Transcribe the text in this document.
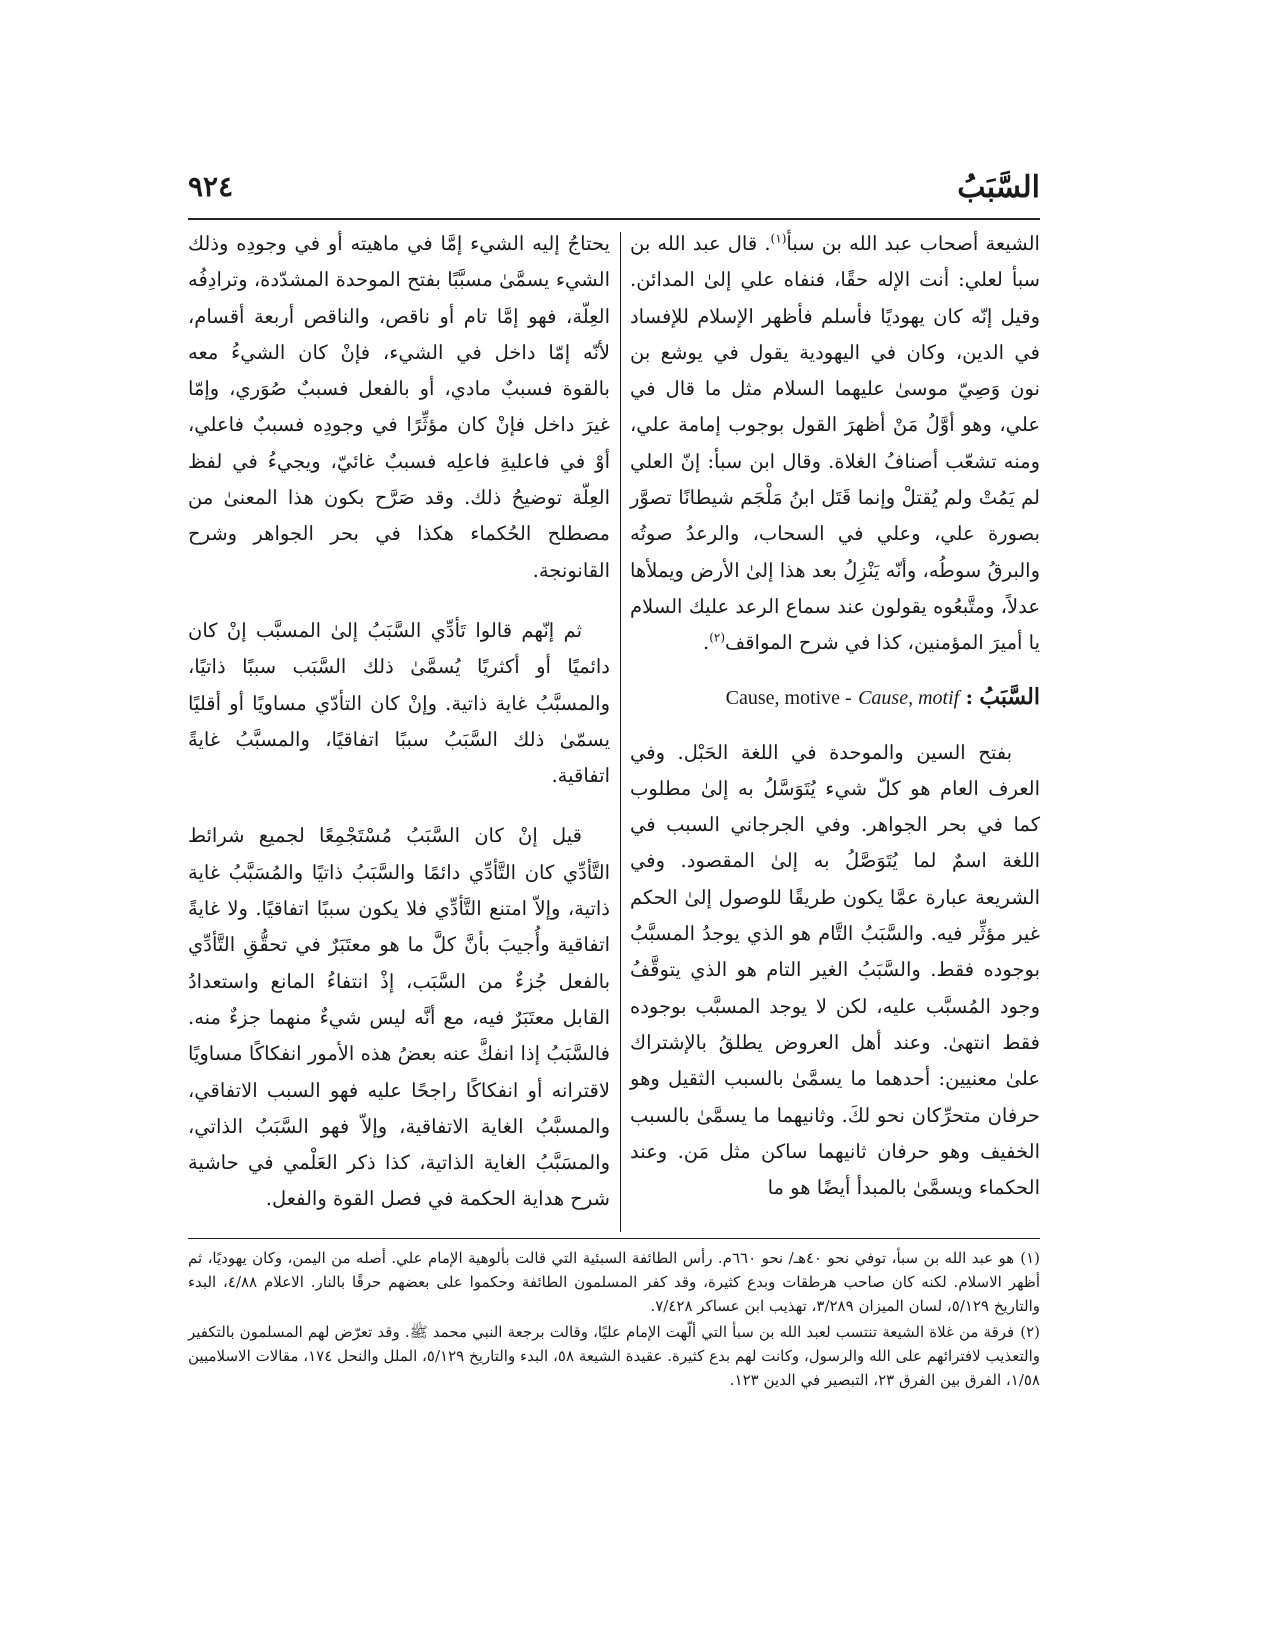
السَّبَبُ
٩٢٤

الشيعة أصحاب عبد الله بن سبأ$^{(١)}$. قال عبد الله بن سبأ لعلي: أنت الإله حقًا، فنفاه علي إلىٰ المدائن. وقيل إنّه كان يهوديًا فأسلم فأظهر الإسلام للإفساد في الدين، وكان في اليهودية يقول في يوشع بن نون وَصِيّ موسىٰ عليهما السلام مثل ما قال في علي، وهو أوَّلُ مَنْ أظهرَ القول بوجوب إمامة علي، ومنه تشعّب أصنافُ الغلاة. وقال ابن سبأ: إنّ العلي لم يَمُتْ ولم يُقتلْ وإنما قَتَل ابنُ مَلْجَم شيطانًا تصوَّر بصورة علي، وعلي في السحاب، والرعدُ صوتُه والبرقُ سوطُه، وأنّه يَنْزِلُ بعد هذا إلىٰ الأرض ويملأها عدلاً، ومتَّبعُوه يقولون عند سماع الرعد عليك السلام يا أميرَ المؤمنين، كذا في شرح المواقف$^{(٢)}$.

السَّبَبُ : Cause, motive - Cause, motif

بفتح السين والموحدة في اللغة الحَبْل. وفي العرف العام هو كلّ شيء يُتَوَسَّلُ به إلىٰ مطلوب كما في بحر الجواهر. وفي الجرجاني السبب في اللغة اسمٌ لما يُتَوَصَّلُ به إلىٰ المقصود. وفي الشريعة عبارة عمَّا يكون طريقًا للوصول إلىٰ الحكم غير مؤثِّر فيه. والسَّبَبُ التَّام هو الذي يوجدُ المسبَّبُ بوجوده فقط. والسَّبَبُ الغير التام هو الذي يتوقَّفُ وجود المُسبَّب عليه، لكن لا يوجد المسبَّب بوجوده فقط انتهىٰ. وعند أهل العروض يطلقُ بالإشتراك علىٰ معنيين: أحدهما ما يسمَّىٰ بالسبب الثقيل وهو حرفان متحرِّكان نحو لكَ. وثانيهما ما يسمَّىٰ بالسبب الخفيف وهو حرفان ثانيهما ساكن مثل مَن. وعند الحكماء ويسمَّىٰ بالمبدأ أيضًا هو ما

يحتاجُ إليه الشيء إمَّا في ماهيته أو في وجودِه وذلك الشيء يسمَّىٰ مسبَّبًا بفتح الموحدة المشدّدة، وترادِفُه العِلّة، فهو إمَّا تام أو ناقص، والناقص أربعة أقسام، لأنّه إمّا داخل في الشيء، فإنْ كان الشيءُ معه بالقوة فسببٌ مادي، أو بالفعل فسببٌ صُوَري، وإمّا غيرَ داخل فإنْ كان مؤثِّرًا في وجودِه فسببٌ فاعلي، أوْ في فاعليةِ فاعلِه فسببٌ غائيّ، ويجيءُ في لفظ العِلّة توضيحُ ذلك. وقد صَرَّح بكون هذا المعنىٰ من مصطلح الحُكماء هكذا في بحر الجواهر وشرح القانونجة.

ثم إنّهم قالوا تَأدِّي السَّبَبُ إلىٰ المسبَّب إنْ كان دائميًا أو أكثريًا يُسمَّىٰ ذلك السَّبَب سببًا ذاتيًا، والمسبَّبُ غاية ذاتية. وإنْ كان التأدّي مساويًا أو أقليًا يسمّىٰ ذلك السَّبَبُ سببًا اتفاقيًا، والمسبَّبُ غايةً اتفاقية.

قيل إنْ كان السَّبَبُ مُسْتَجْمِعًا لجميع شرائط التَّأدِّي كان التَّأدِّي دائمًا والسَّبَبُ ذاتيًا والمُسَبَّبُ غاية ذاتية، وإلاّ امتنع التَّأدِّي فلا يكون سببًا اتفاقيًا. ولا غايةً اتفاقية وأُجيبَ بأنَّ كلَّ ما هو معتَبَرٌ في تحقُّقِ التَّأدِّي بالفعل جُزءٌ من السَّبَب، إذْ انتفاءُ المانع واستعدادُ القابل معتَبَرٌ فيه، مع أنَّه ليس شيءٌ منهما جزءٌ منه. فالسَّبَبُ إذا انفكَّ عنه بعضُ هذه الأمور انفكاكًا مساويًا لاقترانه أو انفكاكًا راجحًا عليه فهو السبب الاتفاقي، والمسبَّبُ الغاية الاتفاقية، وإلاّ فهو السَّبَبُ الذاتي، والمسَبَّبُ الغاية الذاتية، كذا ذكر العَلْمي في حاشية شرح هداية الحكمة في فصل القوة والفعل.

(١)هو عبد الله بن سبأ، توفي نحو ٤٠هـ/ نحو ٦٦٠م. رأس الطائفة السبئية التي قالت بألوهية الإمام علي. أصله من اليمن، وكان يهوديًا، ثم أظهر الاسلام. لكنه كان صاحب هرطقات وبدع كثيرة، وقد كفر المسلمون الطائفة وحكموا على بعضهم حرقًا بالنار. الاعلام ٤/٨٨، البدء والتاريخ ٥/١٢٩، لسان الميزان ٣/٢٨٩، تهذيب ابن عساكر ٧/٤٢٨.

(٢)فرقة من غلاة الشيعة تنتسب لعبد الله بن سبأ التي ألّهت الإمام عليًا، وقالت برجعة النبي محمد ﷺ. وقد تعرّض لهم المسلمون بالتكفير والتعذيب لافترائهم على الله والرسول، وكانت لهم بدع كثيرة. عقيدة الشيعة ٥٨، البدء والتاريخ ٥/١٢٩، الملل والنحل ١٧٤، مقالات الاسلاميين ١/٥٨، الفرق بين الفرق ٢٣، التبصير في الدين ١٢٣.
